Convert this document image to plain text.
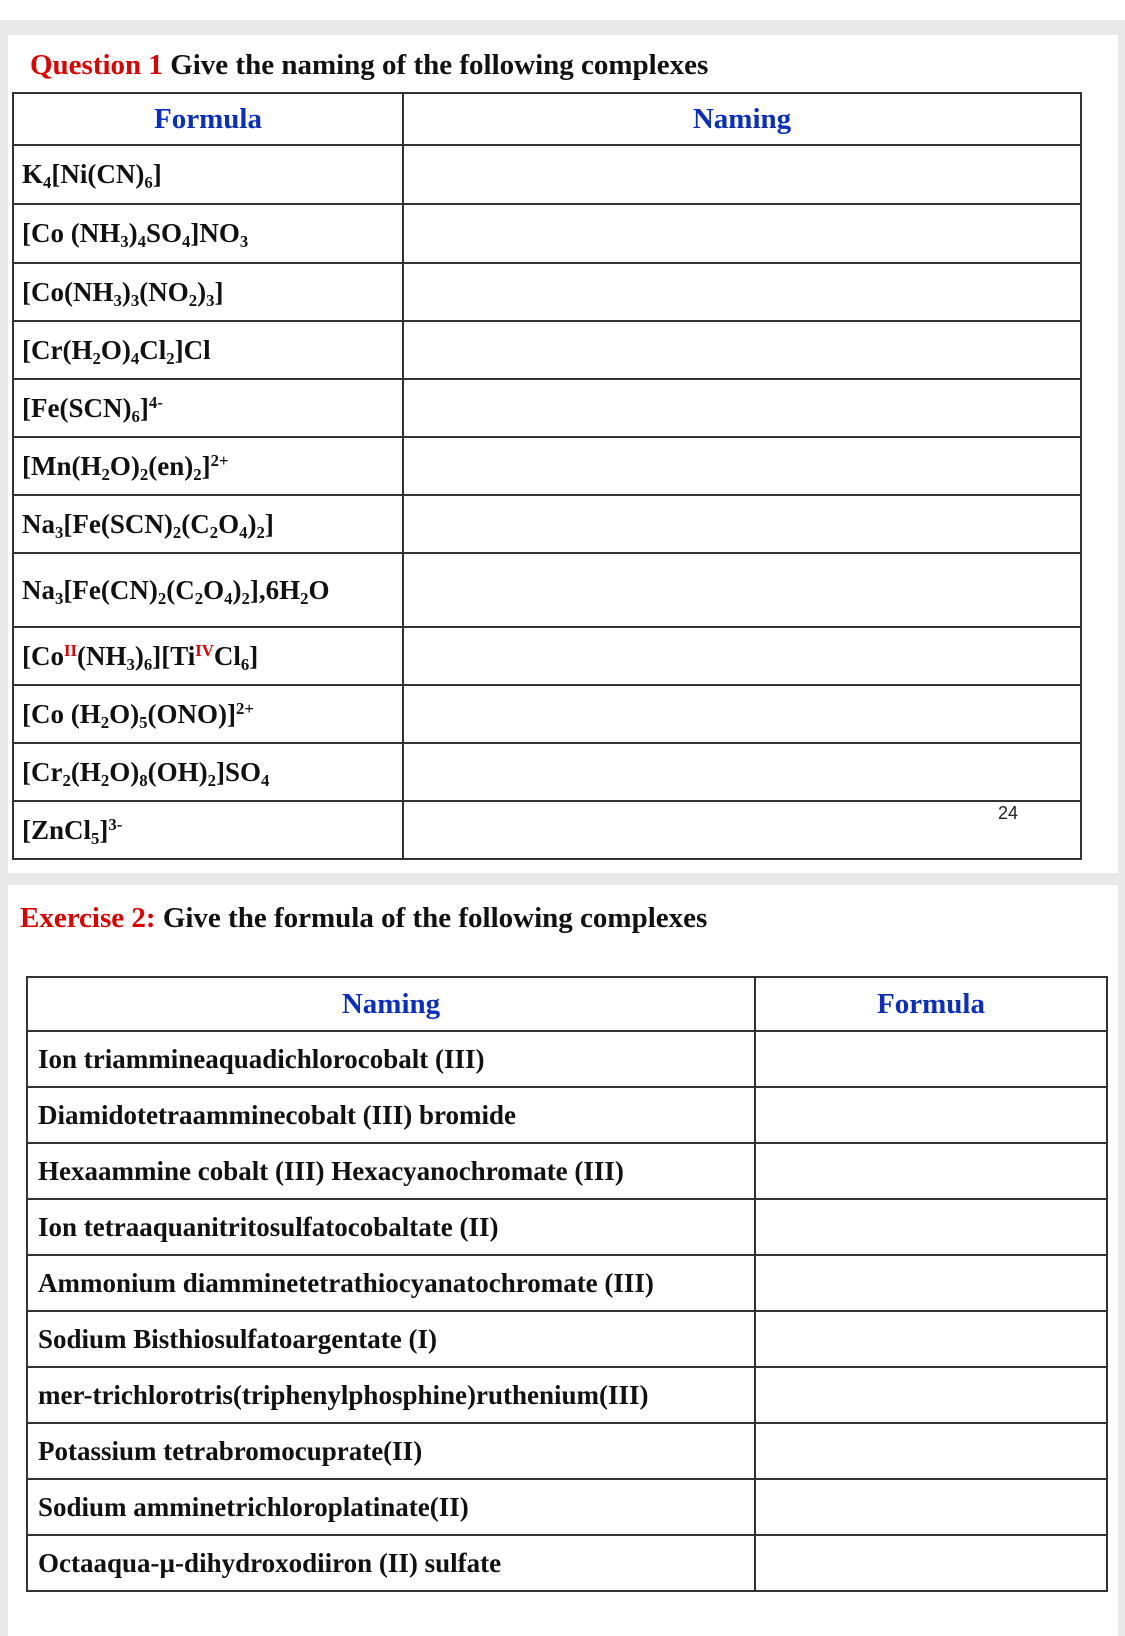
Question 1 Give the naming of the following complexes
Formula	Naming
$K_4[Ni(CN)_6]$	
[Co $(NH_3)_4SO_4]NO_3$	
$[Co(NH_3)_3(NO_2)_3]$	
$[Cr(H_2O)_4Cl_2]Cl$	
$[Fe(SCN)_6]^{4-}$	
$[Mn(H_2O)_2(en)_2]^{2+}$	
$Na_3[Fe(SCN)_2(C_2O_4)_2]$	
$Na_3[Fe(CN)_2(C_2O_4)_2],6H_2O$	
$[Co^{II}(NH_3)_6][Ti^{IV}Cl_6]$	
[Co $(H_2O)_5(ONO)]^{2+}$	
$[Cr_2(H_2O)_8(OH)_2]SO_4$	
[ZnCl$_5$]$^{3-}$	
24
Exercise 2: Give the formula of the following complexes
Naming	Formula
Ion triammineaquadichlorocobalt (III)	
Diamidotetraamminecobalt (III) bromide	
Hexaammine cobalt (III) Hexacyanochromate (III)	
Ion tetraaquanitritosulfatocobaltate (II)	
Ammonium diamminetetrathiocyanatochromate (III)	
Sodium Bisthiosulfatoargentate (I)	
mer-trichlorotris(triphenylphosphine)ruthenium(III)	
Potassium tetrabromocuprate(II)	
Sodium amminetrichloroplatinate(II)	
Octaaqua-µ-dihydroxodiiron (II) sulfate	
